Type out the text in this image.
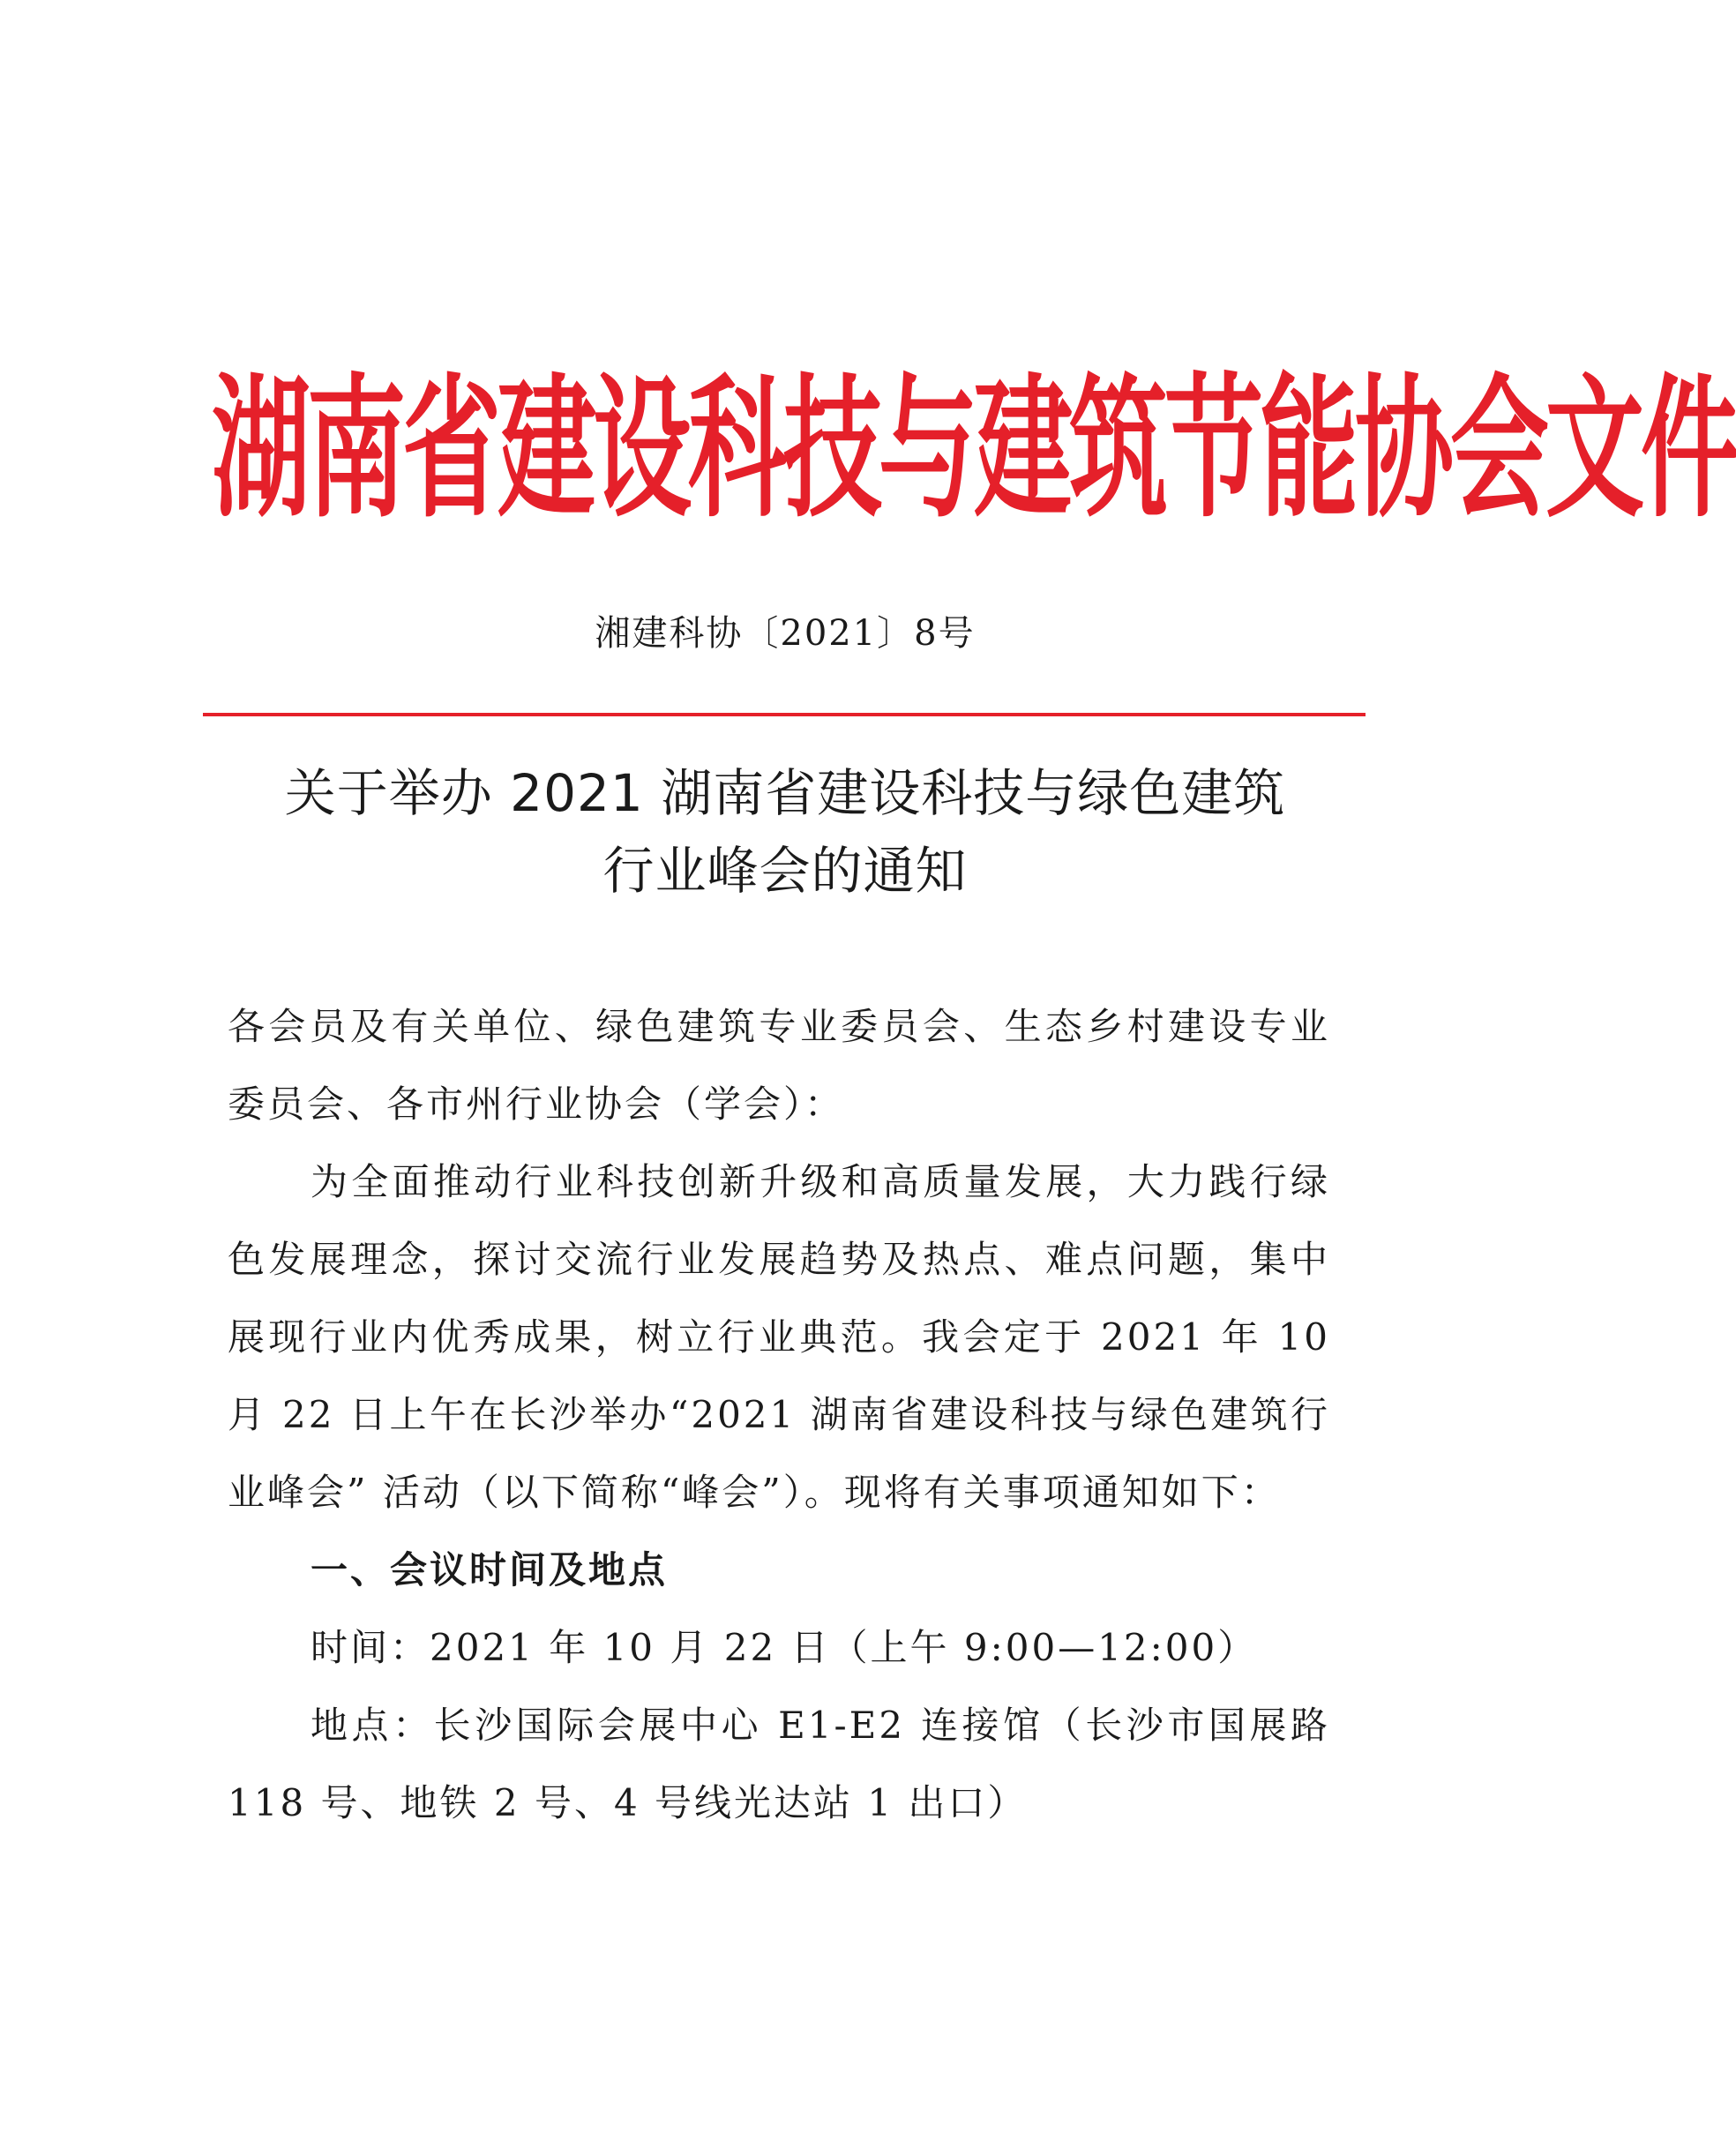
湖南省建设科技与建筑节能协会文件
湘建科协〔2021〕8号
关于举办 2021 湖南省建设科技与绿色建筑
行业峰会的通知

各会员及有关单位、绿色建筑专业委员会、生态乡村建设专业委员会、各市州行业协会（学会）：

为全面推动行业科技创新升级和高质量发展，大力践行绿色发展理念，探讨交流行业发展趋势及热点、难点问题，集中展现行业内优秀成果，树立行业典范。我会定于 2021 年 10 月 22 日上午在长沙举办“2021 湖南省建设科技与绿色建筑行业峰会” 活动（以下简称“峰会”）。现将有关事项通知如下：

一、会议时间及地点

时间：2021 年 10 月 22 日（上午 9:00—12:00）

地点：长沙国际会展中心 E1-E2 连接馆（长沙市国展路 118 号、地铁 2 号、4 号线光达站 1 出口）
